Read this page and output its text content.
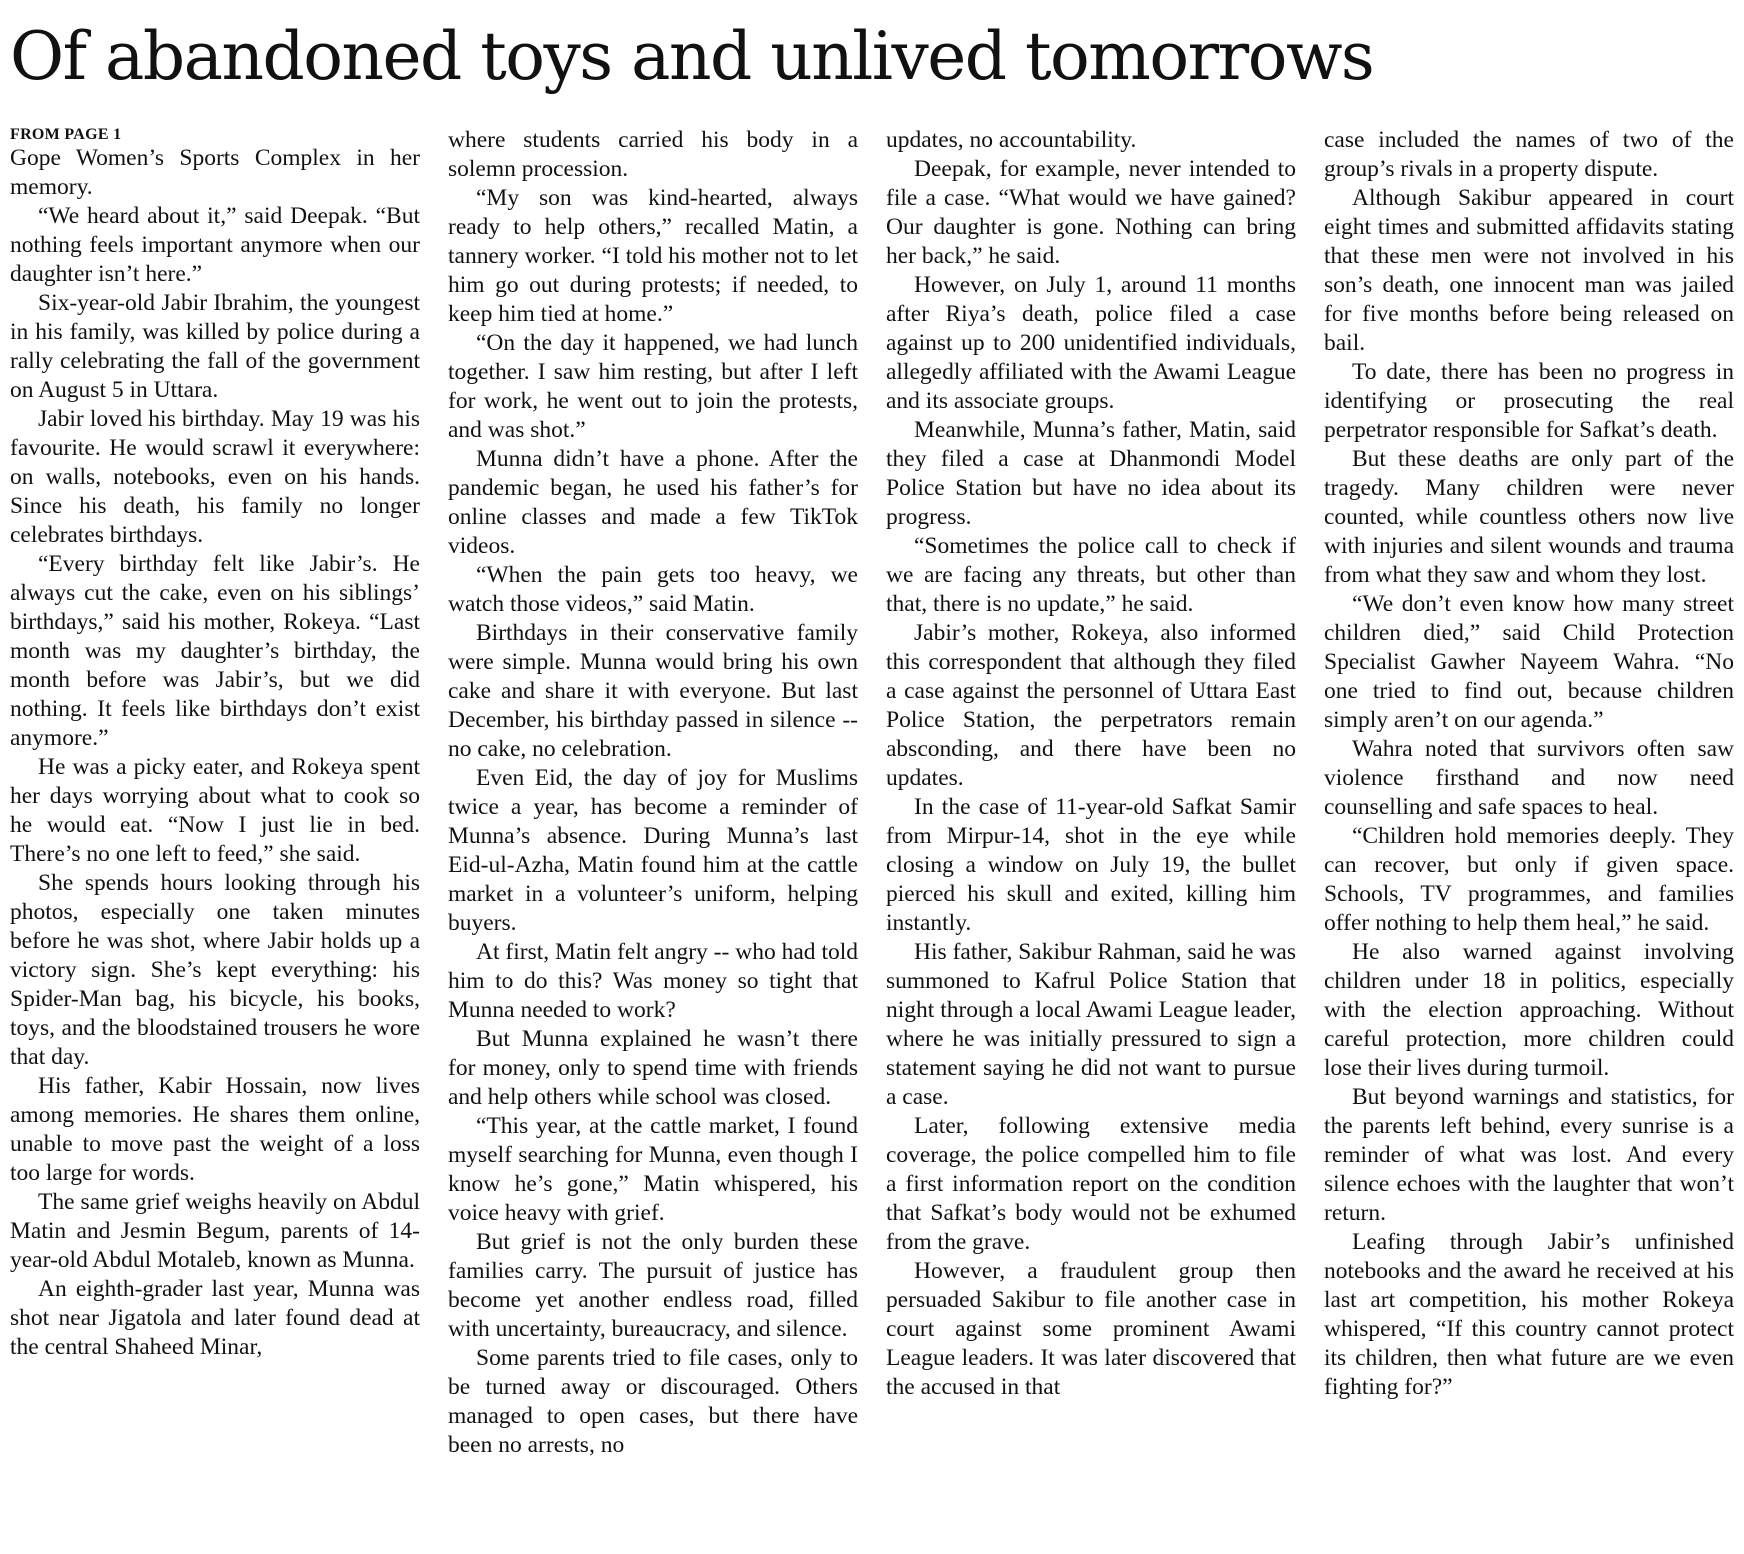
Of abandoned toys and unlived tomorrows
FROM PAGE 1

Gope Women’s Sports Complex in her memory.

“We heard about it,” said Deepak. “But nothing feels important anymore when our daughter isn’t here.”

Six-year-old Jabir Ibrahim, the youngest in his family, was killed by police during a rally celebrating the fall of the government on August 5 in Uttara.

Jabir loved his birthday. May 19 was his favourite. He would scrawl it everywhere: on walls, notebooks, even on his hands. Since his death, his family no longer celebrates birthdays.

“Every birthday felt like Jabir’s. He always cut the cake, even on his siblings’ birthdays,” said his mother, Rokeya. “Last month was my daughter’s birthday, the month before was Jabir’s, but we did nothing. It feels like birthdays don’t exist anymore.”

He was a picky eater, and Rokeya spent her days worrying about what to cook so he would eat. “Now I just lie in bed. There’s no one left to feed,” she said.

She spends hours looking through his photos, especially one taken minutes before he was shot, where Jabir holds up a victory sign. She’s kept everything: his Spider-Man bag, his bicycle, his books, toys, and the bloodstained trousers he wore that day.

His father, Kabir Hossain, now lives among memories. He shares them online, unable to move past the weight of a loss too large for words.

The same grief weighs heavily on Abdul Matin and Jesmin Begum, parents of 14-year-old Abdul Motaleb, known as Munna.

An eighth-grader last year, Munna was shot near Jigatola and later found dead at the central Shaheed Minar,

where students carried his body in a solemn procession.

“My son was kind-hearted, always ready to help others,” recalled Matin, a tannery worker. “I told his mother not to let him go out during protests; if needed, to keep him tied at home.”

“On the day it happened, we had lunch together. I saw him resting, but after I left for work, he went out to join the protests, and was shot.”

Munna didn’t have a phone. After the pandemic began, he used his father’s for online classes and made a few TikTok videos.

“When the pain gets too heavy, we watch those videos,” said Matin.

Birthdays in their conservative family were simple. Munna would bring his own cake and share it with everyone. But last December, his birthday passed in silence -- no cake, no celebration.

Even Eid, the day of joy for Muslims twice a year, has become a reminder of Munna’s absence. During Munna’s last Eid-ul-Azha, Matin found him at the cattle market in a volunteer’s uniform, helping buyers.

At first, Matin felt angry -- who had told him to do this? Was money so tight that Munna needed to work?

But Munna explained he wasn’t there for money, only to spend time with friends and help others while school was closed.

“This year, at the cattle market, I found myself searching for Munna, even though I know he’s gone,” Matin whispered, his voice heavy with grief.

But grief is not the only burden these families carry. The pursuit of justice has become yet another endless road, filled with uncertainty, bureaucracy, and silence.

Some parents tried to file cases, only to be turned away or discouraged. Others managed to open cases, but there have been no arrests, no

updates, no accountability.

Deepak, for example, never intended to file a case. “What would we have gained? Our daughter is gone. Nothing can bring her back,” he said.

However, on July 1, around 11 months after Riya’s death, police filed a case against up to 200 unidentified individuals, allegedly affiliated with the Awami League and its associate groups.

Meanwhile, Munna’s father, Matin, said they filed a case at Dhanmondi Model Police Station but have no idea about its progress.

“Sometimes the police call to check if we are facing any threats, but other than that, there is no update,” he said.

Jabir’s mother, Rokeya, also informed this correspondent that although they filed a case against the personnel of Uttara East Police Station, the perpetrators remain absconding, and there have been no updates.

In the case of 11-year-old Safkat Samir from Mirpur-14, shot in the eye while closing a window on July 19, the bullet pierced his skull and exited, killing him instantly.

His father, Sakibur Rahman, said he was summoned to Kafrul Police Station that night through a local Awami League leader, where he was initially pressured to sign a statement saying he did not want to pursue a case.

Later, following extensive media coverage, the police compelled him to file a first information report on the condition that Safkat’s body would not be exhumed from the grave.

However, a fraudulent group then persuaded Sakibur to file another case in court against some prominent Awami League leaders. It was later discovered that the accused in that

case included the names of two of the group’s rivals in a property dispute.

Although Sakibur appeared in court eight times and submitted affidavits stating that these men were not involved in his son’s death, one innocent man was jailed for five months before being released on bail.

To date, there has been no progress in identifying or prosecuting the real perpetrator responsible for Safkat’s death.

But these deaths are only part of the tragedy. Many children were never counted, while countless others now live with injuries and silent wounds and trauma from what they saw and whom they lost.

“We don’t even know how many street children died,” said Child Protection Specialist Gawher Nayeem Wahra. “No one tried to find out, because children simply aren’t on our agenda.”

Wahra noted that survivors often saw violence firsthand and now need counselling and safe spaces to heal.

“Children hold memories deeply. They can recover, but only if given space. Schools, TV programmes, and families offer nothing to help them heal,” he said.

He also warned against involving children under 18 in politics, especially with the election approaching. Without careful protection, more children could lose their lives during turmoil.

But beyond warnings and statistics, for the parents left behind, every sunrise is a reminder of what was lost. And every silence echoes with the laughter that won’t return.

Leafing through Jabir’s unfinished notebooks and the award he received at his last art competition, his mother Rokeya whispered, “If this country cannot protect its children, then what future are we even fighting for?”
